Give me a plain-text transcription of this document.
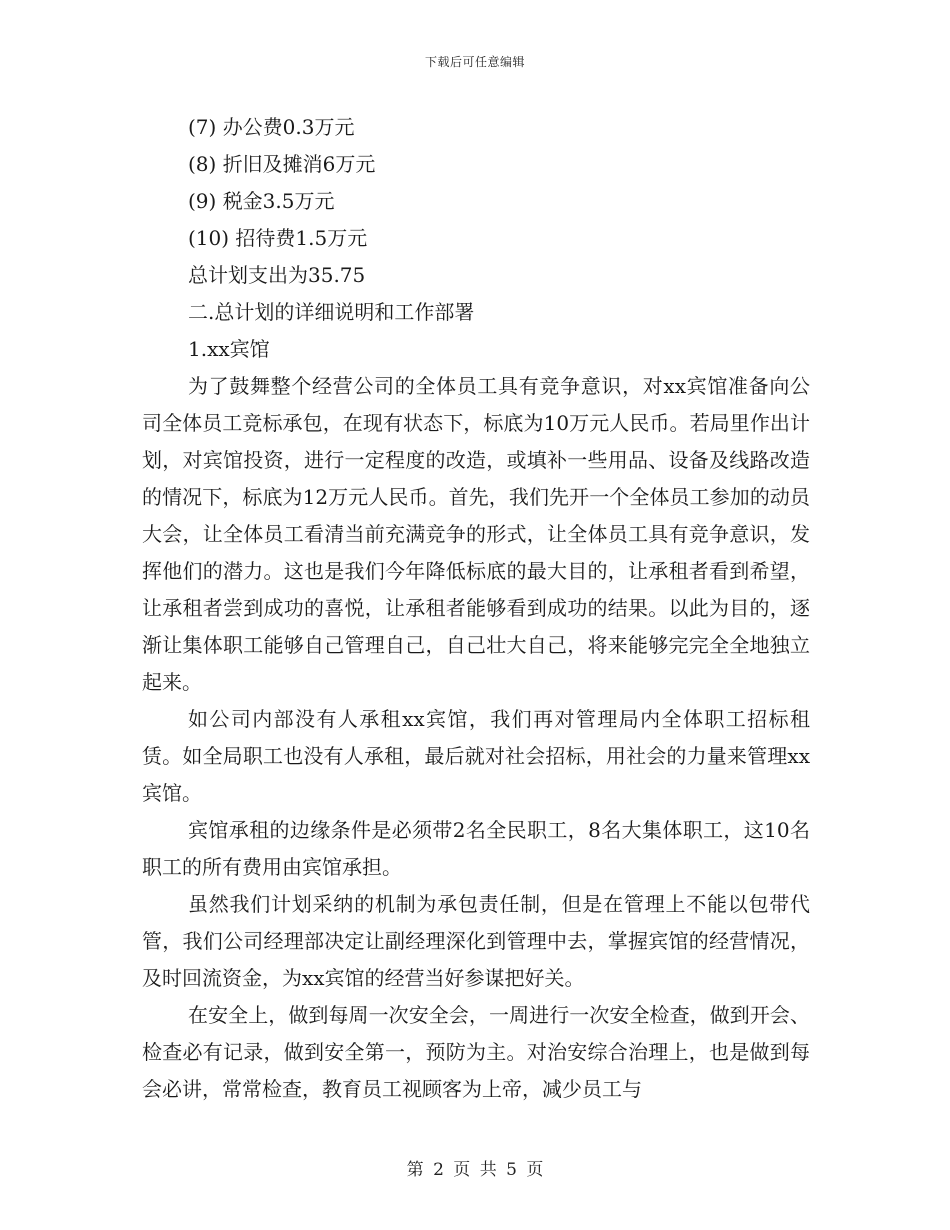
下载后可任意编辑
(7) 办公费0.3万元
(8) 折旧及摊消6万元
(9) 税金3.5万元
(10) 招待费1.5万元
总计划支出为35.75
二.总计划的详细说明和工作部署
1.xx宾馆

为了鼓舞整个经营公司的全体员工具有竞争意识，对xx宾馆准备向公司全体员工竞标承包，在现有状态下，标底为10万元人民币。若局里作出计划，对宾馆投资，进行一定程度的改造，或填补一些用品、设备及线路改造的情况下，标底为12万元人民币。首先，我们先开一个全体员工参加的动员大会，让全体员工看清当前充满竞争的形式，让全体员工具有竞争意识，发挥他们的潜力。这也是我们今年降低标底的最大目的，让承租者看到希望，让承租者尝到成功的喜悦，让承租者能够看到成功的结果。以此为目的，逐渐让集体职工能够自己管理自己，自己壮大自己，将来能够完完全全地独立起来。

如公司内部没有人承租xx宾馆，我们再对管理局内全体职工招标租赁。如全局职工也没有人承租，最后就对社会招标，用社会的力量来管理xx宾馆。

宾馆承租的边缘条件是必须带2名全民职工，8名大集体职工，这10名职工的所有费用由宾馆承担。

虽然我们计划采纳的机制为承包责任制，但是在管理上不能以包带代管，我们公司经理部决定让副经理深化到管理中去，掌握宾馆的经营情况，及时回流资金，为xx宾馆的经营当好参谋把好关。

在安全上，做到每周一次安全会，一周进行一次安全检查，做到开会、检查必有记录，做到安全第一，预防为主。对治安综合治理上，也是做到每会必讲，常常检查，教育员工视顾客为上帝，减少员工与

第 2 页 共 5 页
